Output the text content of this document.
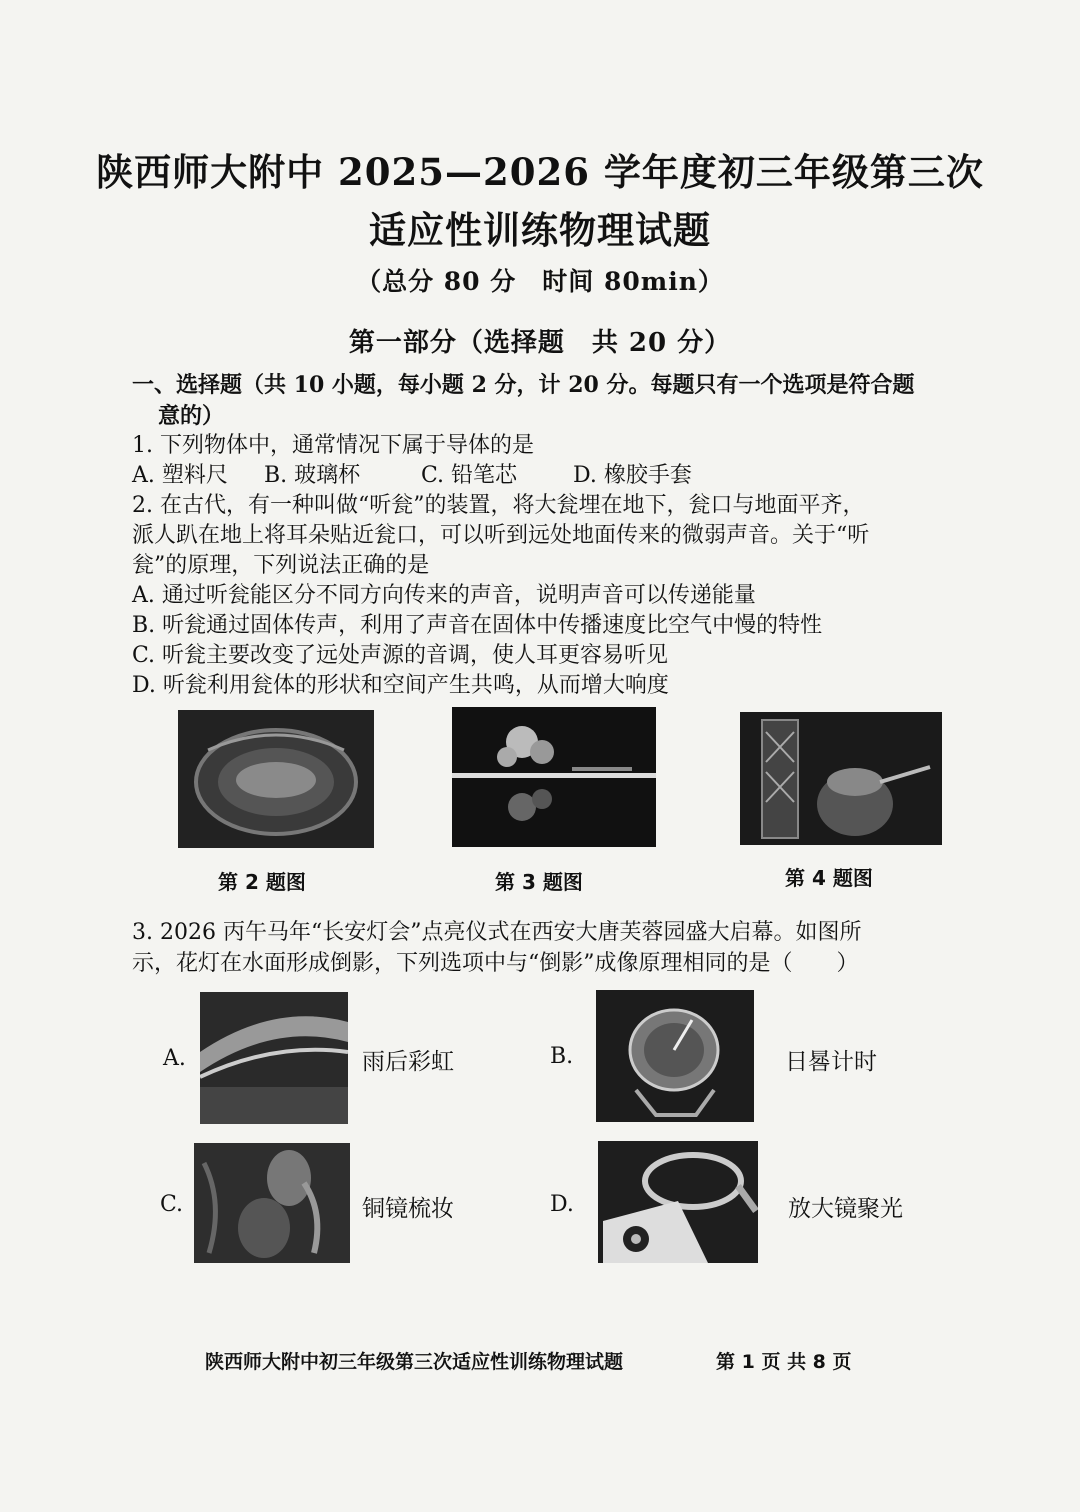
陕西师大附中 2025—2026 学年度初三年级第三次
适应性训练物理试题
（总分 80 分　时间 80min）
第一部分（选择题　共 20 分）
一、选择题（共 10 小题，每小题 2 分，计 20 分。每题只有一个选项是符合题
意的）
1. 下列物体中，通常情况下属于导体的是
A. 塑料尺 B. 玻璃杯	C. 铅笔芯	D. 橡胶手套
2. 在古代，有一种叫做“听瓮”的装置，将大瓮埋在地下，瓮口与地面平齐，
派人趴在地上将耳朵贴近瓮口，可以听到远处地面传来的微弱声音。关于“听
瓮”的原理，下列说法正确的是
A. 通过听瓮能区分不同方向传来的声音，说明声音可以传递能量
B. 听瓮通过固体传声，利用了声音在固体中传播速度比空气中慢的特性
C. 听瓮主要改变了远处声源的音调，使人耳更容易听见
D. 听瓮利用瓮体的形状和空间产生共鸣，从而增大响度
第 2 题图	第 3 题图	第 4 题图
3. 2026 丙午马年“长安灯会”点亮仪式在西安大唐芙蓉园盛大启幕。如图所
示，花灯在水面形成倒影，下列选项中与“倒影”成像原理相同的是（　　）
A.	雨后彩虹	B.	日晷计时
C.	铜镜梳妆	D.	放大镜聚光
陕西师大附中初三年级第三次适应性训练物理试题	第 1 页 共 8 页
